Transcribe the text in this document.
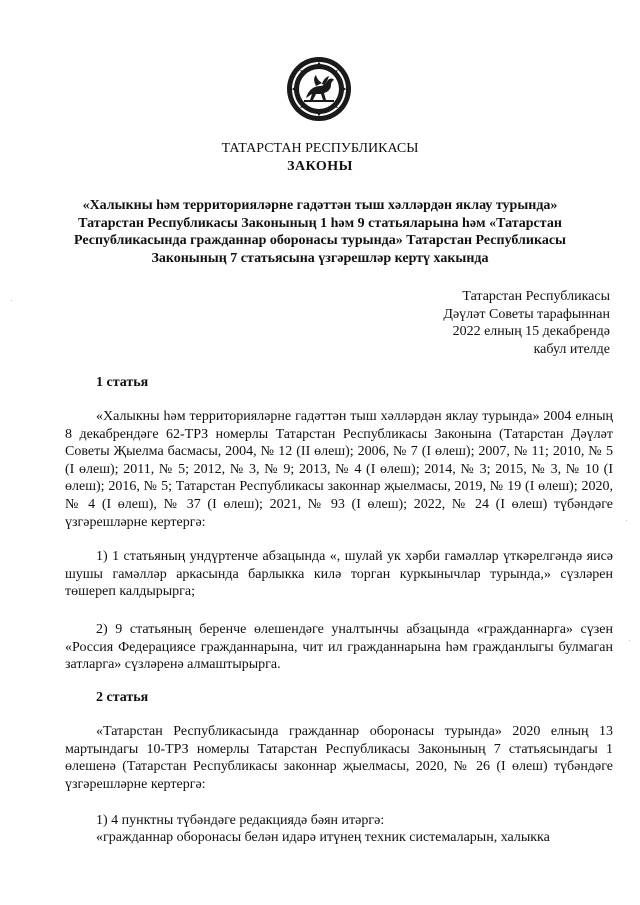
ТАТАРСТАН РЕСПУБЛИКАСЫ
ЗАКОНЫ
«Халыкны һәм территорияләрне гадәттән тыш хәлләрдән яклау турында» Татарстан Республикасы Законының 1 һәм 9 статьяларына һәм «Татарстан Республикасында гражданнар оборонасы турында» Татарстан Республикасы Законының 7 статьясына үзгәрешләр кертү хакында
Татарстан Республикасы
Дәүләт Советы тарафыннан
2022 елның 15 декабрендә
кабул ителде
1 статья
«Халыкны һәм территорияләрне гадәттән тыш хәлләрдән яклау турында» 2004 елның 8 декабрендәге 62-ТРЗ номерлы Татарстан Республикасы Законына (Татарстан Дәүләт Советы Җыелма басмасы, 2004, № 12 (II өлеш); 2006, № 7 (I өлеш); 2007, № 11; 2010, № 5 (I өлеш); 2011, № 5; 2012, № 3, № 9; 2013, № 4 (I өлеш); 2014, № 3; 2015, № 3, № 10 (I өлеш); 2016, № 5; Татарстан Республикасы законнар җыелмасы, 2019, № 19 (I өлеш); 2020, № 4 (I өлеш), № 37 (I өлеш); 2021, № 93 (I өлеш); 2022, № 24 (I өлеш) түбәндәге үзгәрешләрне кертергә:
1) 1 статьяның ундүртенче абзацында «, шулай ук хәрби гамәлләр үткәрелгәндә яисә шушы гамәлләр аркасында барлыкка килә торган куркынычлар турында,» сүзләрен төшереп калдырырга;
2) 9 статьяның беренче өлешендәге уналтынчы абзацында «гражданнарга» сүзен «Россия Федерациясе гражданнарына, чит ил гражданнарына һәм гражданлыгы булмаган затларга» сүзләренә алмаштырырга.
2 статья
«Татарстан Республикасында гражданнар оборонасы турында» 2020 елның 13 мартындагы 10-ТРЗ номерлы Татарстан Республикасы Законының 7 статьясындагы 1 өлешенә (Татарстан Республикасы законнар җыелмасы, 2020, № 26 (I өлеш) түбәндәге үзгәрешләрне кертергә:
1) 4 пунктны түбәндәге редакциядә бәян итәргә:
«гражданнар оборонасы белән идарә итүнең техник системаларын, халыкка
